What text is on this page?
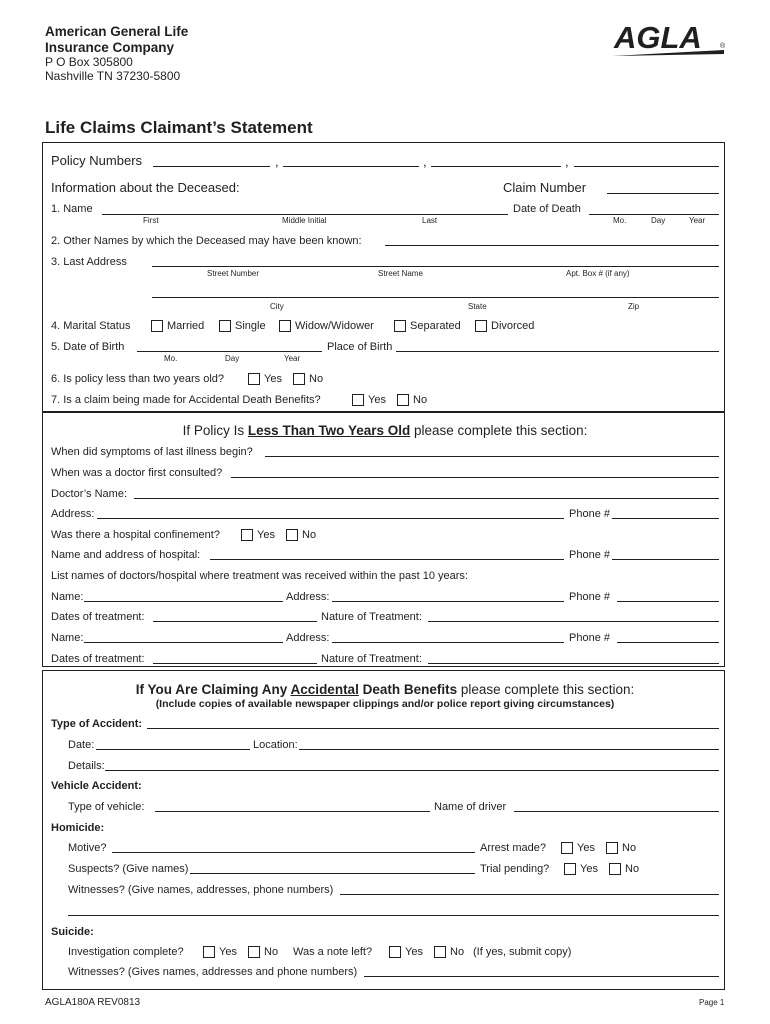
American General Life
Insurance Company
P O Box 305800
Nashville TN 37230-5800
AGLA	®
Life Claims Claimant’s Statement
Policy Numbers	,	,	,
Information about the Deceased:	Claim Number
1. Name	Date of Death
First	Middle Initial	Last	Mo.	Day	Year
2. Other Names by which the Deceased may have been known:
3. Last Address
Street Number	Street Name	Apt. Box # (if any)
City	State	Zip
4. Marital Status	Married	Single	Widow/Widower	Separated	Divorced
5. Date of Birth	Place of Birth
Mo.	Day	Year
6. Is policy less than two years old?	Yes No
7. Is a claim being made for Accidental Death Benefits?	Yes No
If Policy Is Less Than Two Years Old please complete this section:
When did symptoms of last illness begin?
When was a doctor first consulted?
Doctor’s Name:
Address:	Phone #
Was there a hospital confinement?	Yes No
Name and address of hospital:	Phone #
List names of doctors/hospital where treatment was received within the past 10 years:
Name:	Address:	Phone #
Dates of treatment:	Nature of Treatment:
Name:	Address:	Phone #
Dates of treatment:	Nature of Treatment:
If You Are Claiming Any Accidental Death Benefits please complete this section:
(Include copies of available newspaper clippings and/or police report giving circumstances)
Type of Accident:
Date:	Location:
Details:
Vehicle Accident:
Type of vehicle:	Name of driver
Homicide:
Motive?	Arrest made?	Yes No
Suspects? (Give names)	Trial pending?	Yes No
Witnesses? (Give names, addresses, phone numbers)
Suicide:
Investigation complete?	Yes No Was a note left?	Yes No (If yes, submit copy)
Witnesses? (Gives names, addresses and phone numbers)
AGLA180A REV0813	Page 1
